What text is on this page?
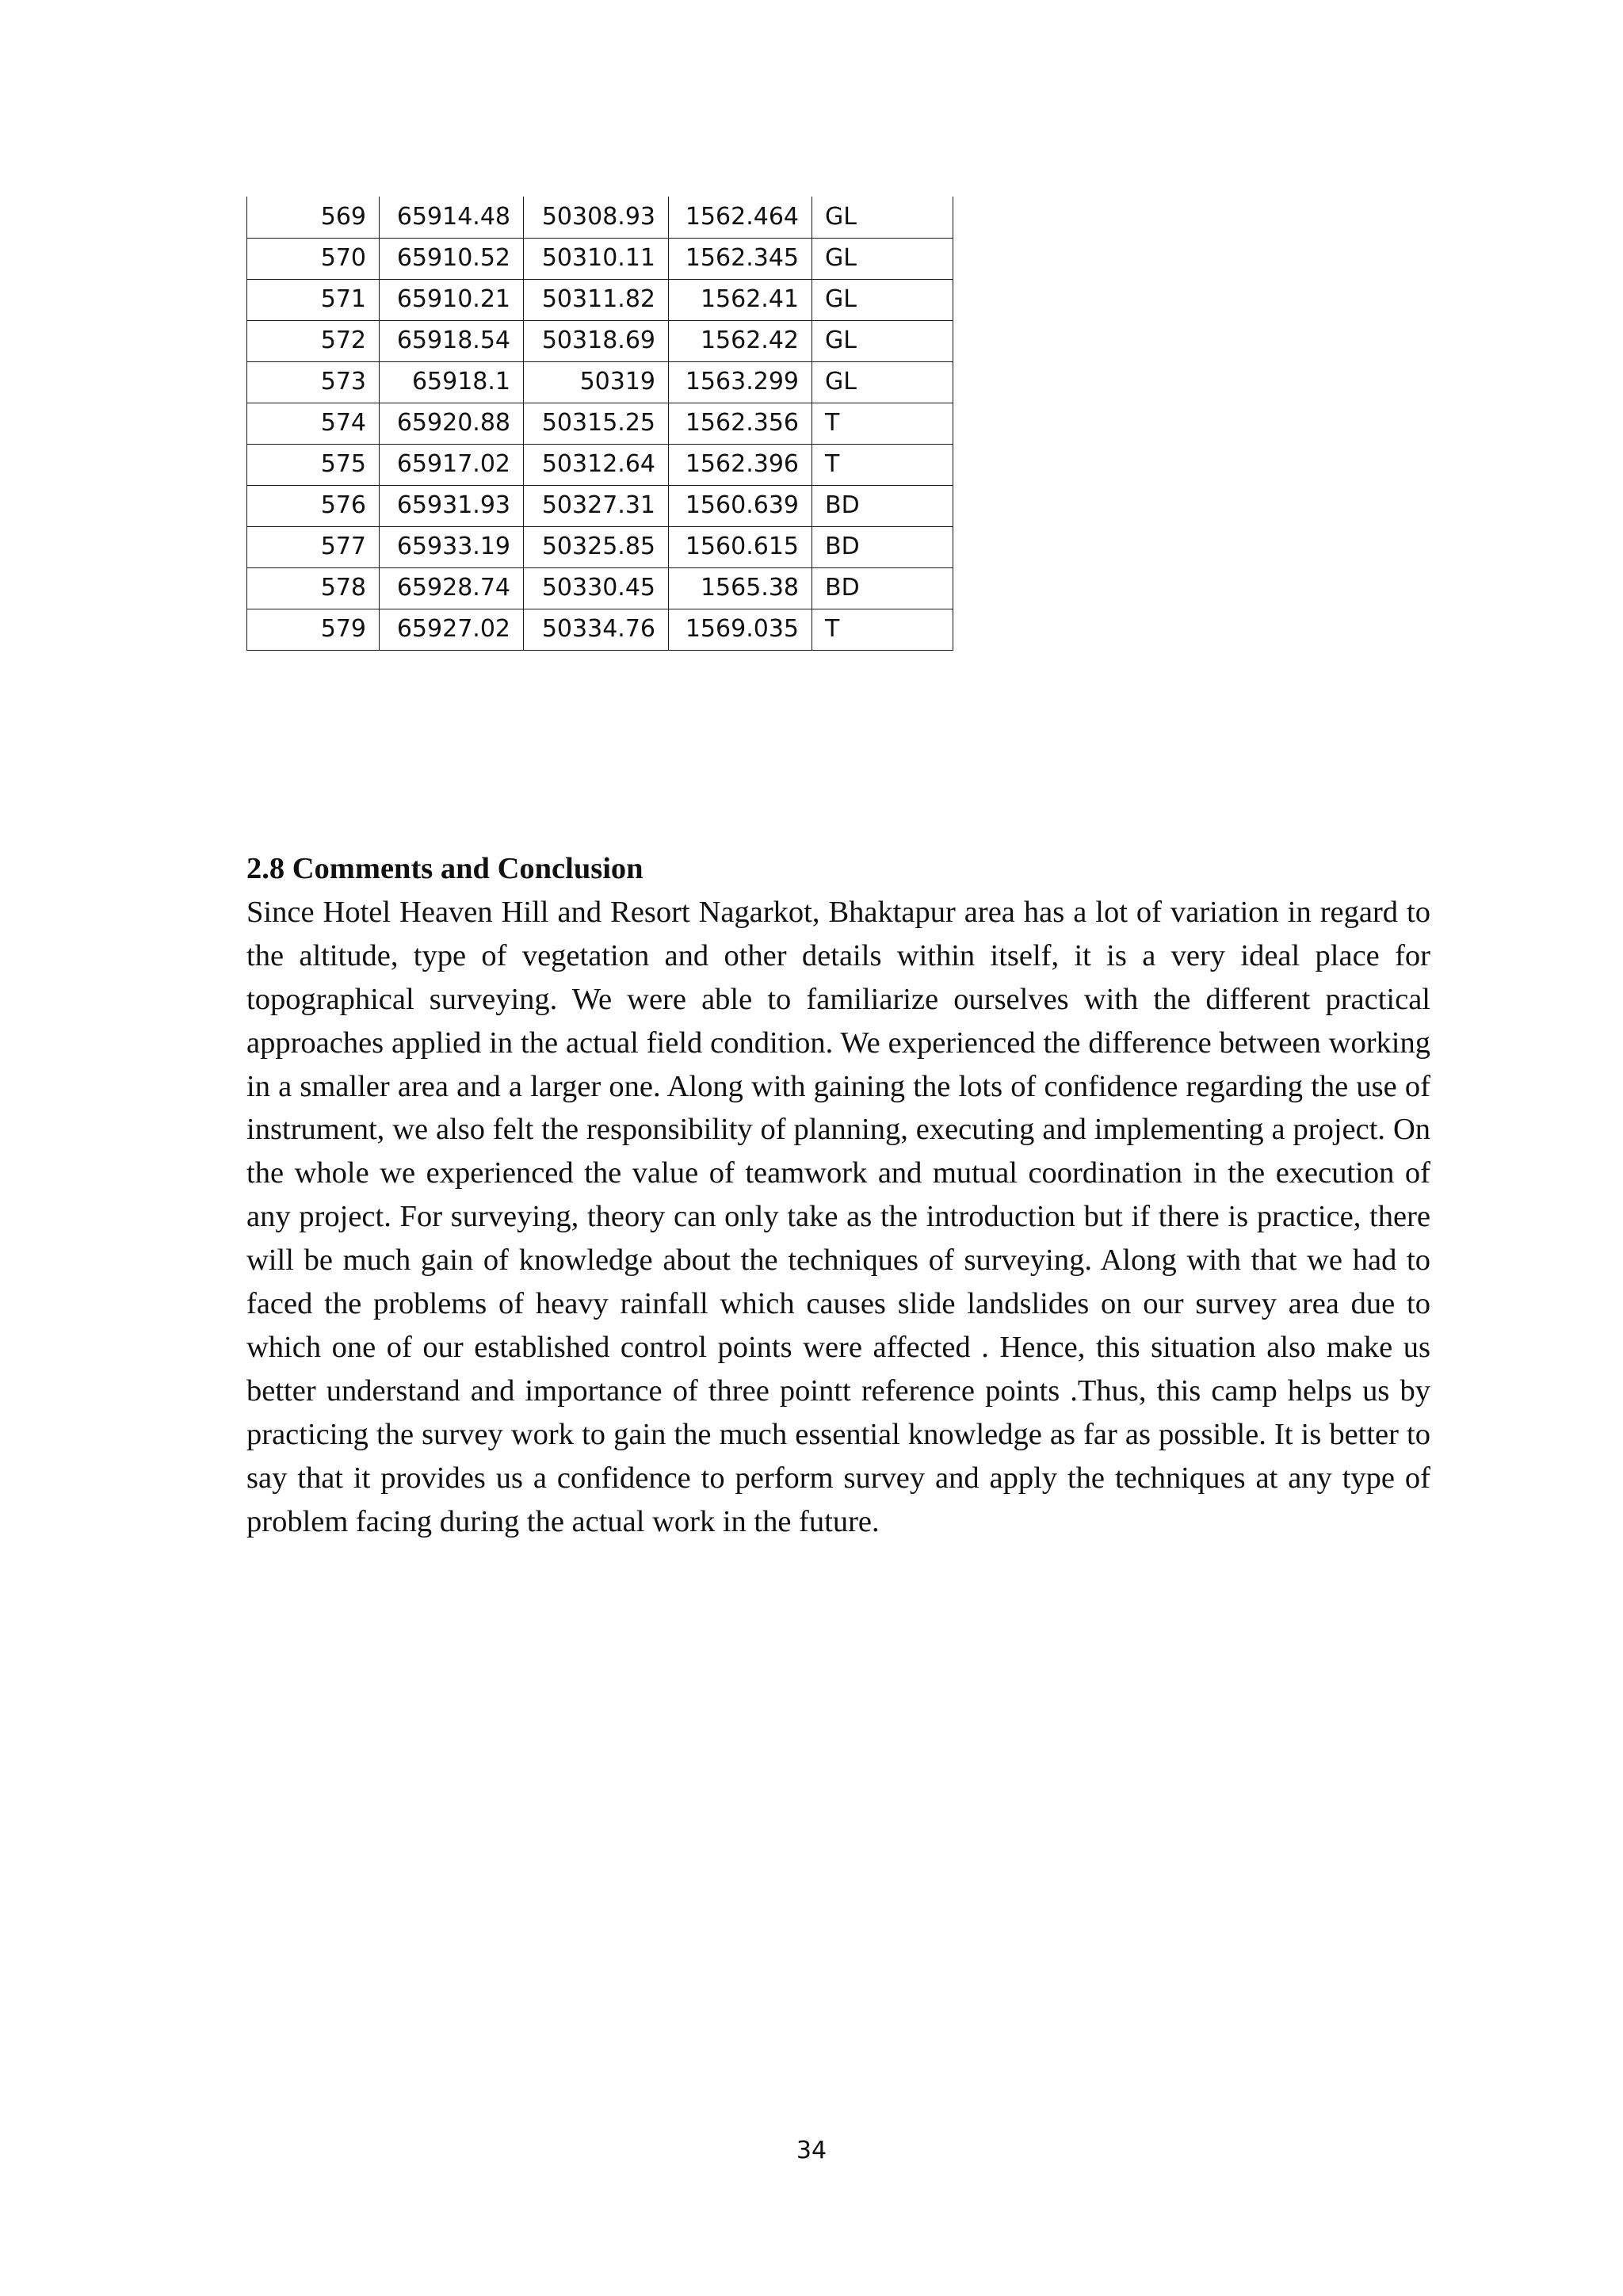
569	65914.48	50308.93	1562.464	GL
570	65910.52	50310.11	1562.345	GL
571	65910.21	50311.82	1562.41	GL
572	65918.54	50318.69	1562.42	GL
573	65918.1	50319	1563.299	GL
574	65920.88	50315.25	1562.356	T
575	65917.02	50312.64	1562.396	T
576	65931.93	50327.31	1560.639	BD
577	65933.19	50325.85	1560.615	BD
578	65928.74	50330.45	1565.38	BD
579	65927.02	50334.76	1569.035	T
2.8 Comments and Conclusion

Since Hotel Heaven Hill and Resort Nagarkot, Bhaktapur area has a lot of variation in regard to the altitude, type of vegetation and other details within itself, it is a very ideal place for topographical surveying. We were able to familiarize ourselves with the different practical approaches applied in the actual field condition. We experienced the difference between working in a smaller area and a larger one. Along with gaining the lots of confidence regarding the use of instrument, we also felt the responsibility of planning, executing and implementing a project. On the whole we experienced the value of teamwork and mutual coordination in the execution of any project. For surveying, theory can only take as the introduction but if there is practice, there will be much gain of knowledge about the techniques of surveying. Along with that we had to faced the problems of heavy rainfall which causes slide landslides on our survey area due to which one of our established control points were affected . Hence, this situation also make us better understand and importance of three pointt reference points .Thus, this camp helps us by practicing the survey work to gain the much essential knowledge as far as possible. It is better to say that it provides us a confidence to perform survey and apply the techniques at any type of problem facing during the actual work in the future.

34
